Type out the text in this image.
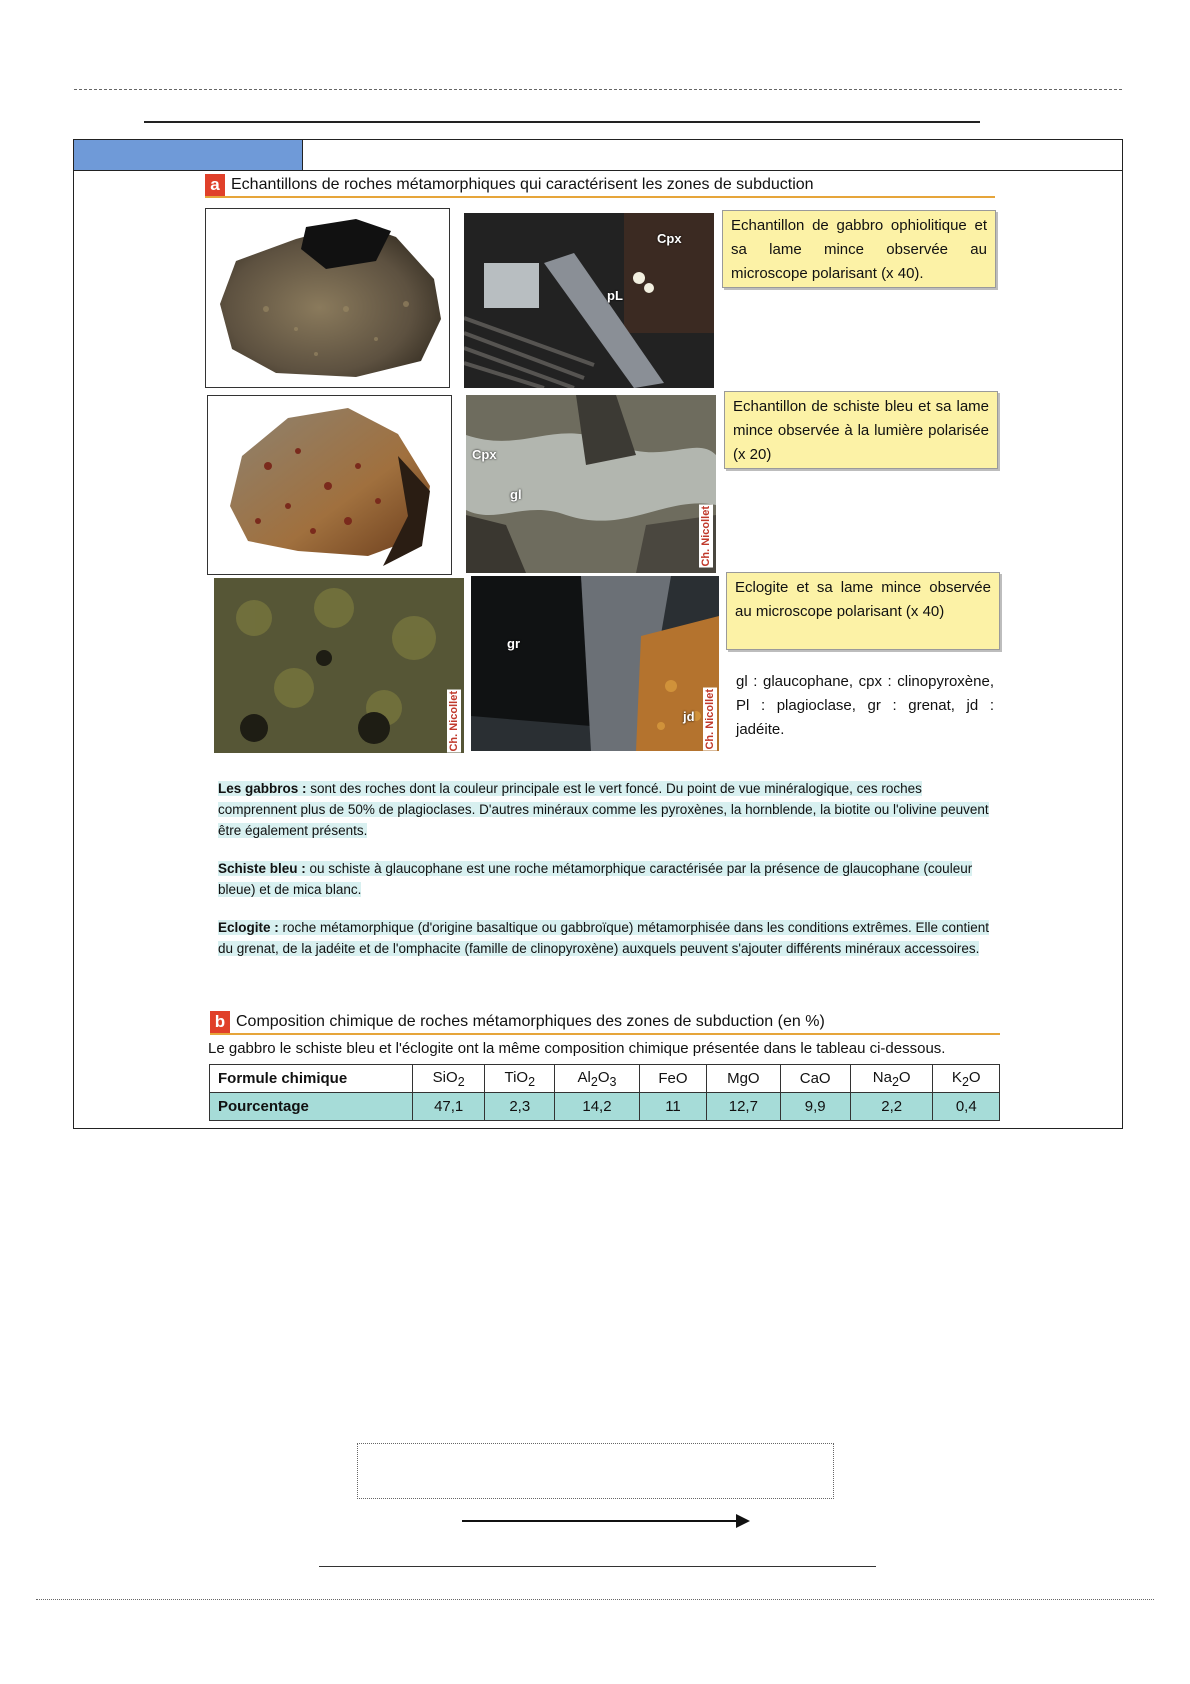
a Echantillons de roches métamorphiques qui caractérisent les zones de subduction
Cpx
pL
Echantillon de gabbro ophiolitique et sa lame mince observée au microscope polarisant (x 40).
Cpx
gl
Ch. Nicollet
Echantillon de schiste bleu et sa lame mince observée à la lumière polarisée (x 20)
Ch. Nicollet
gr
jd Ch. Nicollet
Eclogite et sa lame mince observée au microscope polarisant (x 40)
gl : glaucophane, cpx : clinopyroxène, Pl : plagioclase, gr : grenat, jd : jadéite.

Les gabbros : sont des roches dont la couleur principale est le vert foncé. Du point de vue minéralogique, ces roches comprennent plus de 50% de plagioclases. D'autres minéraux comme les pyroxènes, la hornblende, la biotite ou l'olivine peuvent être également présents.

Schiste bleu : ou schiste à glaucophane est une roche métamorphique caractérisée par la présence de glaucophane (couleur bleue) et de mica blanc.

Eclogite : roche métamorphique (d'origine basaltique ou gabbroïque) métamorphisée dans les conditions extrêmes. Elle contient du grenat, de la jadéite et de l'omphacite (famille de clinopyroxène) auxquels peuvent s'ajouter différents minéraux accessoires.

b Composition chimique de roches métamorphiques des zones de subduction (en %)
Le gabbro le schiste bleu et l'éclogite ont la même composition chimique présentée dans le tableau ci-dessous.
Formule chimique	SiO$_2$	TiO$_2$	$Al_2O_3$	FeO	MgO	CaO	$Na_2O$	$K_2O$
Pourcentage	47,1	2,3	14,2	11	12,7	9,9	2,2	0,4
